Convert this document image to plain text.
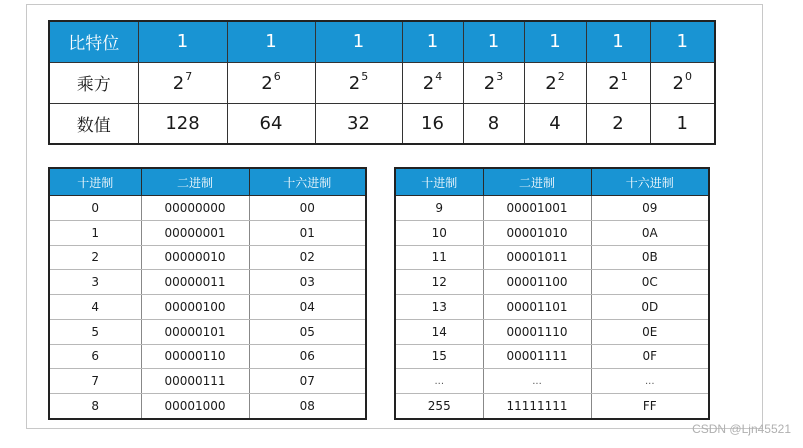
比特位	1	1	1	1	1	1	1	1
乘方	$2^7$	$2^6$	$2^5$	$2^4$	$2^3$	$2^2$	$2^1$	$2^0$
数值	128	64	32	16	8	4	2	1
十进制	二进制	十六进制
0	00000000	00
1	00000001	01
2	00000010	02
3	00000011	03
4	00000100	04
5	00000101	05
6	00000110	06
7	00000111	07
8	00001000	08
十进制	二进制	十六进制
9	00001001	09
10	00001010	0A
11	00001011	0B
12	00001100	0C
13	00001101	0D
14	00001110	0E
15	00001111	0F
...	...	...
255	11111111	FF
CSDN @Ljn45521
